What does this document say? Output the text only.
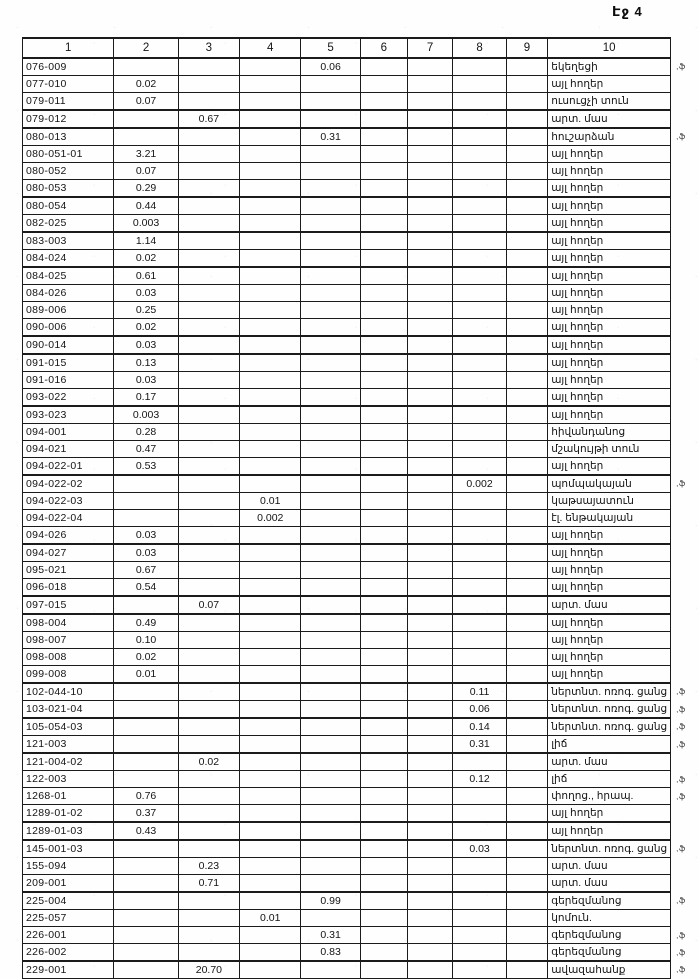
Էջ 4
1	2	3	4	5	6	7	8	9	10	
076-009				0.06					եկեղեցի	,ֆ
077-010	0.02								այլ հողեր	
079-011	0.07								ուսուցչի տուն	
079-012		0.67							արտ. մաս	
080-013				0.31					հուշարձան	,ֆ
080-051-01	3.21								այլ հողեր	
080-052	0.07								այլ հողեր	
080-053	0.29								այլ հողեր	
080-054	0.44								այլ հողեր	
082-025	0.003								այլ հողեր	
083-003	1.14								այլ հողեր	
084-024	0.02								այլ հողեր	
084-025	0.61								այլ հողեր	
084-026	0.03								այլ հողեր	
089-006	0.25								այլ հողեր	
090-006	0.02								այլ հողեր	
090-014	0.03								այլ հողեր	
091-015	0.13								այլ հողեր	
091-016	0.03								այլ հողեր	
093-022	0.17								այլ հողեր	
093-023	0.003								այլ հողեր	
094-001	0.28								հիվանդանոց	
094-021	0.47								մշակույթի տուն	
094-022-01	0.53								այլ հողեր	
094-022-02							0.002		պոմպակայան	,ֆ
094-022-03			0.01						կաթսայատուն	
094-022-04			0.002						էլ. ենթակայան	
094-026	0.03								այլ հողեր	
094-027	0.03								այլ հողեր	
095-021	0.67								այլ հողեր	
096-018	0.54								այլ հողեր	
097-015		0.07							արտ. մաս	
098-004	0.49								այլ հողեր	
098-007	0.10								այլ հողեր	
098-008	0.02								այլ հողեր	
099-008	0.01								այլ հողեր	
102-044-10							0.11		ներտնտ. ոռոգ. ցանց	,ֆ
103-021-04							0.06		ներտնտ. ոռոգ. ցանց	,ֆ
105-054-03							0.14		ներտնտ. ոռոգ. ցանց	,ֆ
121-003							0.31		լիճ	,ֆ
121-004-02		0.02							արտ. մաս	
122-003							0.12		լիճ	,ֆ
1268-01	0.76								փողոց., հրապ.	,ֆ
1289-01-02	0.37								այլ հողեր	
1289-01-03	0.43								այլ հողեր	
145-001-03							0.03		ներտնտ. ոռոգ. ցանց	,ֆ
155-094		0.23							արտ. մաս	
209-001		0.71							արտ. մաս	
225-004				0.99					գերեզմանոց	,ֆ
225-057			0.01						կոմուն.	
226-001				0.31					գերեզմանոց	,ֆ
226-002				0.83					գերեզմանոց	,ֆ
229-001		20.70							ավազահանք	,ֆ
